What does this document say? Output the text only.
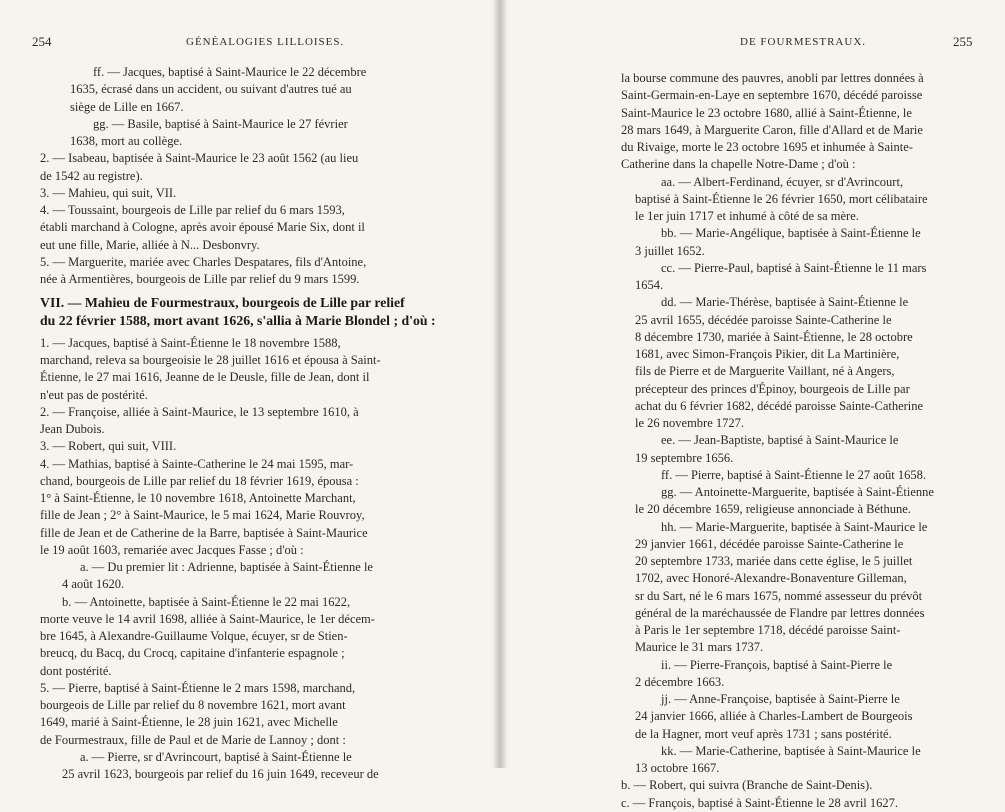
254	GÉNÉALOGIES LILLOISES.
ff. — Jacques, baptisé à Saint-Maurice le 22 décembre
1635, écrasé dans un accident, ou suivant d'autres tué au
siège de Lille en 1667.
gg. — Basile, baptisé à Saint-Maurice le 27 février
1638, mort au collège.
2. — Isabeau, baptisée à Saint-Maurice le 23 août 1562 (au lieu
de 1542 au registre).
3. — Mahieu, qui suit, VII.
4. — Toussaint, bourgeois de Lille par relief du 6 mars 1593,
établi marchand à Cologne, après avoir épousé Marie Six, dont il
eut une fille, Marie, alliée à N... Desbonvry.
5. — Marguerite, mariée avec Charles Despatares, fils d'Antoine,
née à Armentières, bourgeois de Lille par relief du 9 mars 1599.
VII. — Mahieu de Fourmestraux, bourgeois de Lille par relief
du 22 février 1588, mort avant 1626, s'allia à Marie Blondel ; d'où :
1. — Jacques, baptisé à Saint-Étienne le 18 novembre 1588,
marchand, releva sa bourgeoisie le 28 juillet 1616 et épousa à Saint-
Étienne, le 27 mai 1616, Jeanne de le Deusle, fille de Jean, dont il
n'eut pas de postérité.
2. — Françoise, alliée à Saint-Maurice, le 13 septembre 1610, à
Jean Dubois.
3. — Robert, qui suit, VIII.
4. — Mathias, baptisé à Sainte-Catherine le 24 mai 1595, mar-
chand, bourgeois de Lille par relief du 18 février 1619, épousa :
1° à Saint-Étienne, le 10 novembre 1618, Antoinette Marchant,
fille de Jean ; 2° à Saint-Maurice, le 5 mai 1624, Marie Rouvroy,
fille de Jean et de Catherine de la Barre, baptisée à Saint-Maurice
le 19 août 1603, remariée avec Jacques Fasse ; d'où :
a. — Du premier lit : Adrienne, baptisée à Saint-Étienne le
4 août 1620.
b. — Antoinette, baptisée à Saint-Étienne le 22 mai 1622,
morte veuve le 14 avril 1698, alliée à Saint-Maurice, le 1er décem-
bre 1645, à Alexandre-Guillaume Volque, écuyer, sr de Stien-
breucq, du Bacq, du Crocq, capitaine d'infanterie espagnole ;
dont postérité.
5. — Pierre, baptisé à Saint-Étienne le 2 mars 1598, marchand,
bourgeois de Lille par relief du 8 novembre 1621, mort avant
1649, marié à Saint-Étienne, le 28 juin 1621, avec Michelle
de Fourmestraux, fille de Paul et de Marie de Lannoy ; dont :
a. — Pierre, sr d'Avrincourt, baptisé à Saint-Étienne le
25 avril 1623, bourgeois par relief du 16 juin 1649, receveur de
DE FOURMESTRAUX.	255
la bourse commune des pauvres, anobli par lettres données à
Saint-Germain-en-Laye en septembre 1670, décédé paroisse
Saint-Maurice le 23 octobre 1680, allié à Saint-Étienne, le
28 mars 1649, à Marguerite Caron, fille d'Allard et de Marie
du Rivaige, morte le 23 octobre 1695 et inhumée à Sainte-
Catherine dans la chapelle Notre-Dame ; d'où :
aa. — Albert-Ferdinand, écuyer, sr d'Avrincourt,
baptisé à Saint-Étienne le 26 février 1650, mort célibataire
le 1er juin 1717 et inhumé à côté de sa mère.
bb. — Marie-Angélique, baptisée à Saint-Étienne le
3 juillet 1652.
cc. — Pierre-Paul, baptisé à Saint-Étienne le 11 mars
1654.
dd. — Marie-Thérèse, baptisée à Saint-Étienne le
25 avril 1655, décédée paroisse Sainte-Catherine le
8 décembre 1730, mariée à Saint-Étienne, le 28 octobre
1681, avec Simon-François Pikier, dit La Martinière,
fils de Pierre et de Marguerite Vaillant, né à Angers,
précepteur des princes d'Épinoy, bourgeois de Lille par
achat du 6 février 1682, décédé paroisse Sainte-Catherine
le 26 novembre 1727.
ee. — Jean-Baptiste, baptisé à Saint-Maurice le
19 septembre 1656.
ff. — Pierre, baptisé à Saint-Étienne le 27 août 1658.
gg. — Antoinette-Marguerite, baptisée à Saint-Étienne
le 20 décembre 1659, religieuse annonciade à Béthune.
hh. — Marie-Marguerite, baptisée à Saint-Maurice le
29 janvier 1661, décédée paroisse Sainte-Catherine le
20 septembre 1733, mariée dans cette église, le 5 juillet
1702, avec Honoré-Alexandre-Bonaventure Gilleman,
sr du Sart, né le 6 mars 1675, nommé assesseur du prévôt
général de la maréchaussée de Flandre par lettres données
à Paris le 1er septembre 1718, décédé paroisse Saint-
Maurice le 31 mars 1737.
ii. — Pierre-François, baptisé à Saint-Pierre le
2 décembre 1663.
jj. — Anne-Françoise, baptisée à Saint-Pierre le
24 janvier 1666, alliée à Charles-Lambert de Bourgeois
de la Hagner, mort veuf après 1731 ; sans postérité.
kk. — Marie-Catherine, baptisée à Saint-Maurice le
13 octobre 1667.
b. — Robert, qui suivra (Branche de Saint-Denis).
c. — François, baptisé à Saint-Étienne le 28 avril 1627.
